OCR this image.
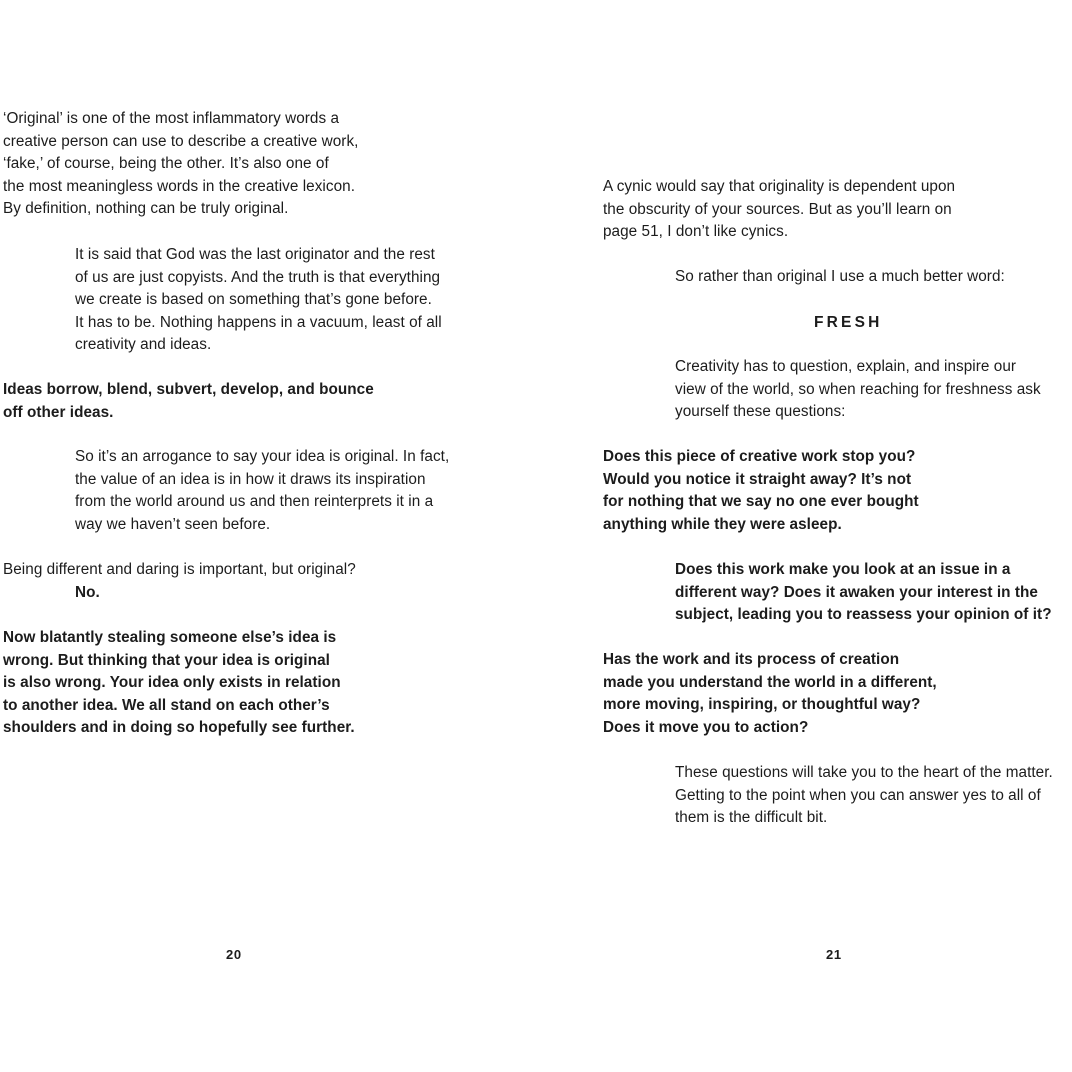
‘Original’ is one of the most inflammatory words a
creative person can use to describe a creative work,
‘fake,’ of course, being the other. It’s also one of
the most meaningless words in the creative lexicon.
By definition, nothing can be truly original.

It is said that God was the last originator and the rest
of us are just copyists. And the truth is that everything
we create is based on something that’s gone before.
It has to be. Nothing happens in a vacuum, least of all
creativity and ideas.

Ideas borrow, blend, subvert, develop, and bounce
off other ideas.

So it’s an arrogance to say your idea is original. In fact,
the value of an idea is in how it draws its inspiration
from the world around us and then reinterprets it in a
way we haven’t seen before.

Being different and daring is important, but original?
No.

Now blatantly stealing someone else’s idea is
wrong. But thinking that your idea is original
is also wrong. Your idea only exists in relation
to another idea. We all stand on each other’s
shoulders and in doing so hopefully see further.

20

A cynic would say that originality is dependent upon
the obscurity of your sources. But as you’ll learn on
page 51, I don’t like cynics.

So rather than original I use a much better word:

FRESH

Creativity has to question, explain, and inspire our
view of the world, so when reaching for freshness ask
yourself these questions:

Does this piece of creative work stop you?
Would you notice it straight away? It’s not
for nothing that we say no one ever bought
anything while they were asleep.

Does this work make you look at an issue in a
different way? Does it awaken your interest in the
subject, leading you to reassess your opinion of it?

Has the work and its process of creation
made you understand the world in a different,
more moving, inspiring, or thoughtful way?
Does it move you to action?

These questions will take you to the heart of the matter.
Getting to the point when you can answer yes to all of
them is the difficult bit.

21
